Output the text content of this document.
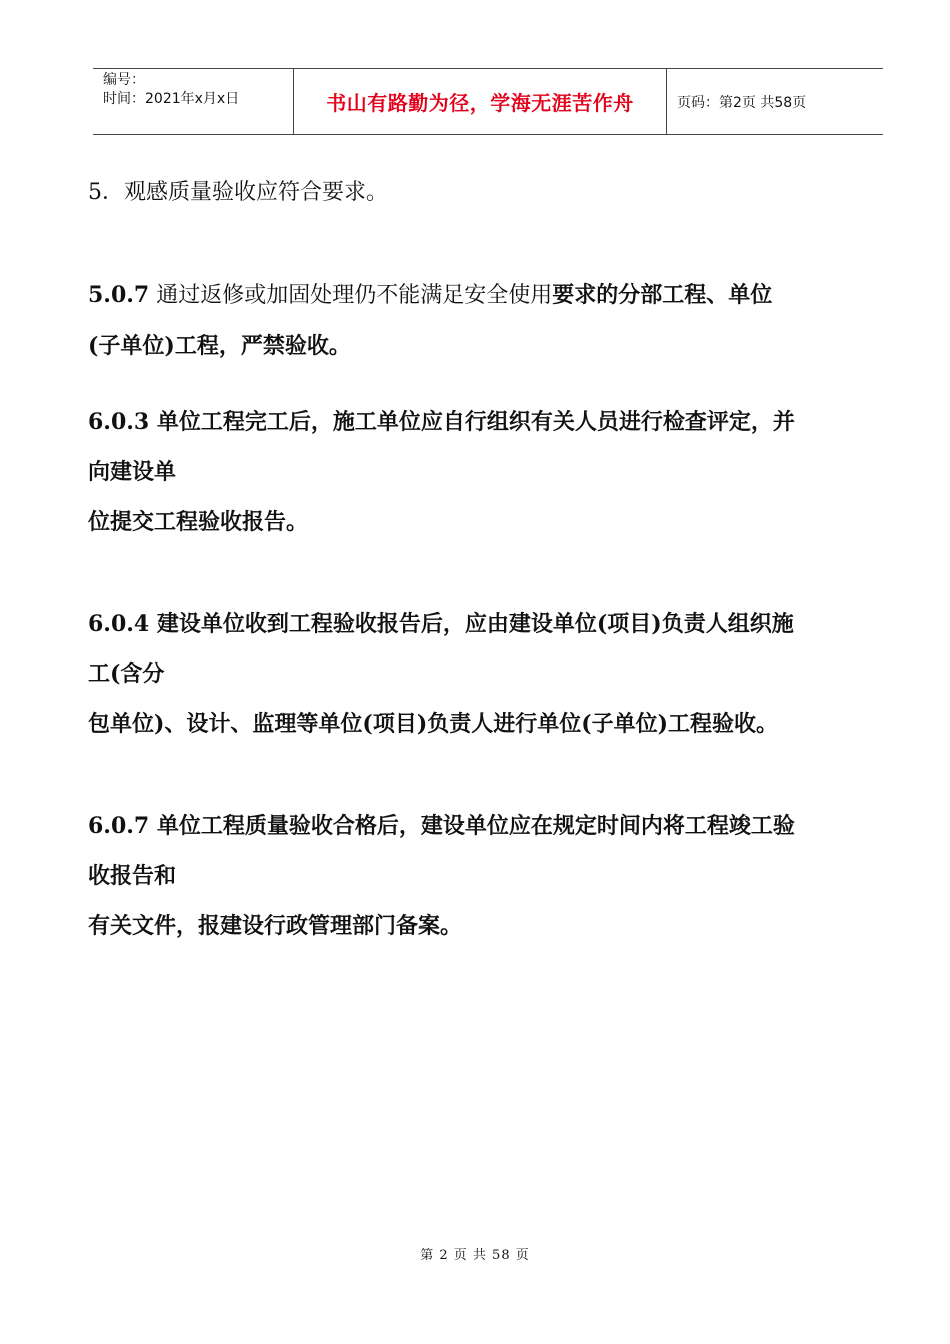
编号：
时间：2021年x月x日	书山有路勤为径，学海无涯苦作舟	页码：第2页 共58页

5．观感质量验收应符合要求。

5.0.7 通过返修或加固处理仍不能满足安全使用要求的分部工程、单位

(子单位)工程，严禁验收。

6.0.3 单位工程完工后，施工单位应自行组织有关人员进行检查评定，并

向建设单

位提交工程验收报告。

6.0.4 建设单位收到工程验收报告后，应由建设单位(项目)负责人组织施

工(含分

包单位)、设计、监理等单位(项目)负责人进行单位(子单位)工程验收。

6.0.7 单位工程质量验收合格后，建设单位应在规定时间内将工程竣工验

收报告和

有关文件，报建设行政管理部门备案。

第 2 页 共 58 页
